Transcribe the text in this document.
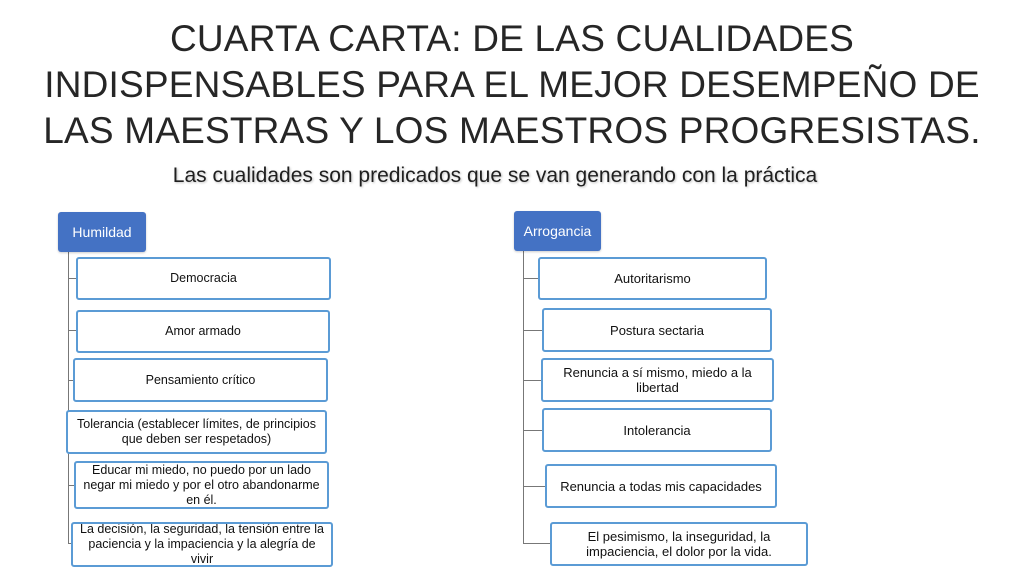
CUARTA CARTA: DE LAS CUALIDADES
INDISPENSABLES PARA EL MEJOR DESEMPEÑO DE
LAS MAESTRAS Y LOS MAESTROS PROGRESISTAS.
Las cualidades son predicados que se van generando con la práctica
Humildad
Democracia
Amor armado
Pensamiento crítico
Tolerancia (establecer límites, de principios que deben ser respetados)
Educar mi miedo, no puedo por un lado negar mi miedo y por el otro abandonarme en él.
La decisión, la seguridad, la tensión entre la paciencia y la impaciencia y la alegría de vivir
Arrogancia
Autoritarismo
Postura sectaria
Renuncia a sí mismo, miedo a la libertad
Intolerancia
Renuncia a todas mis capacidades
El pesimismo, la inseguridad, la impaciencia, el dolor por la vida.
